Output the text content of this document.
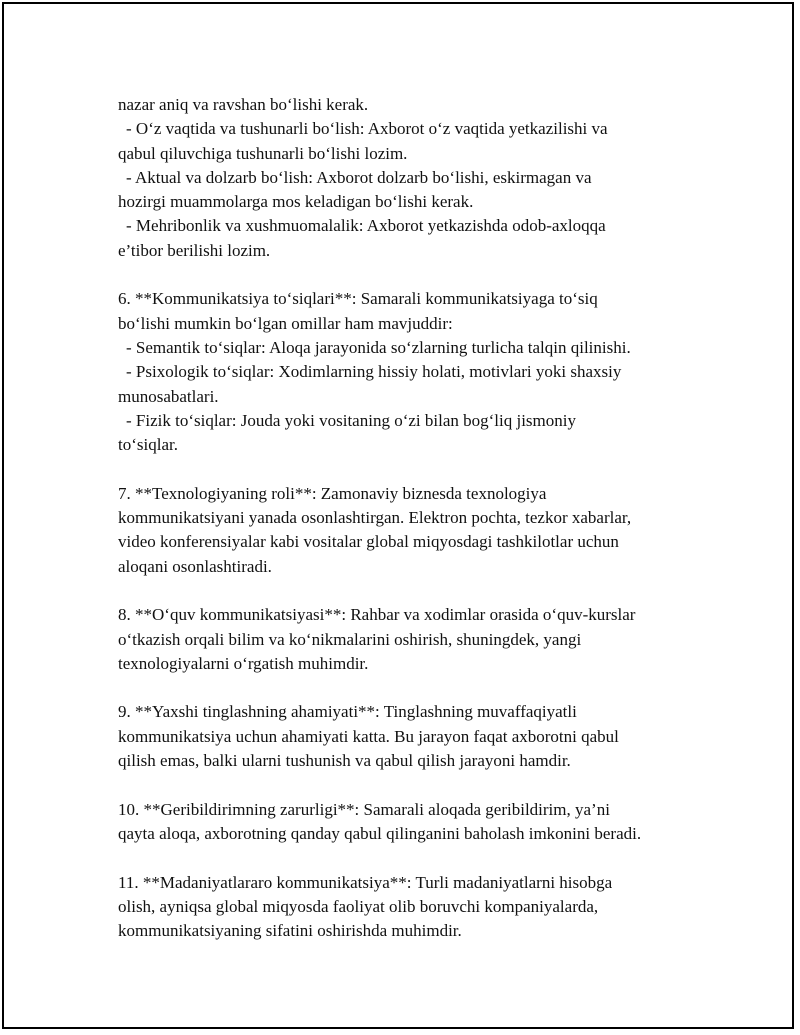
nazar aniq va ravshan bo‘lishi kerak.
- O‘z vaqtida va tushunarli bo‘lish: Axborot o‘z vaqtida yetkazilishi va
qabul qiluvchiga tushunarli bo‘lishi lozim.
- Aktual va dolzarb bo‘lish: Axborot dolzarb bo‘lishi, eskirmagan va
hozirgi muammolarga mos keladigan bo‘lishi kerak.
- Mehribonlik va xushmuomalalik: Axborot yetkazishda odob-axloqqa
e’tibor berilishi lozim.
6. **Kommunikatsiya to‘siqlari**: Samarali kommunikatsiyaga to‘siq
bo‘lishi mumkin bo‘lgan omillar ham mavjuddir:
- Semantik to‘siqlar: Aloqa jarayonida so‘zlarning turlicha talqin qilinishi.
- Psixologik to‘siqlar: Xodimlarning hissiy holati, motivlari yoki shaxsiy
munosabatlari.
- Fizik to‘siqlar: Jouda yoki vositaning o‘zi bilan bog‘liq jismoniy
to‘siqlar.
7. **Texnologiyaning roli**: Zamonaviy biznesda texnologiya
kommunikatsiyani yanada osonlashtirgan. Elektron pochta, tezkor xabarlar,
video konferensiyalar kabi vositalar global miqyosdagi tashkilotlar uchun
aloqani osonlashtiradi.
8. **O‘quv kommunikatsiyasi**: Rahbar va xodimlar orasida o‘quv-kurslar
o‘tkazish orqali bilim va ko‘nikmalarini oshirish, shuningdek, yangi
texnologiyalarni o‘rgatish muhimdir.
9. **Yaxshi tinglashning ahamiyati**: Tinglashning muvaffaqiyatli
kommunikatsiya uchun ahamiyati katta. Bu jarayon faqat axborotni qabul
qilish emas, balki ularni tushunish va qabul qilish jarayoni hamdir.
10. **Geribildirimning zarurligi**: Samarali aloqada geribildirim, ya’ni
qayta aloqa, axborotning qanday qabul qilinganini baholash imkonini beradi.
11. **Madaniyatlararo kommunikatsiya**: Turli madaniyatlarni hisobga
olish, ayniqsa global miqyosda faoliyat olib boruvchi kompaniyalarda,
kommunikatsiyaning sifatini oshirishda muhimdir.
